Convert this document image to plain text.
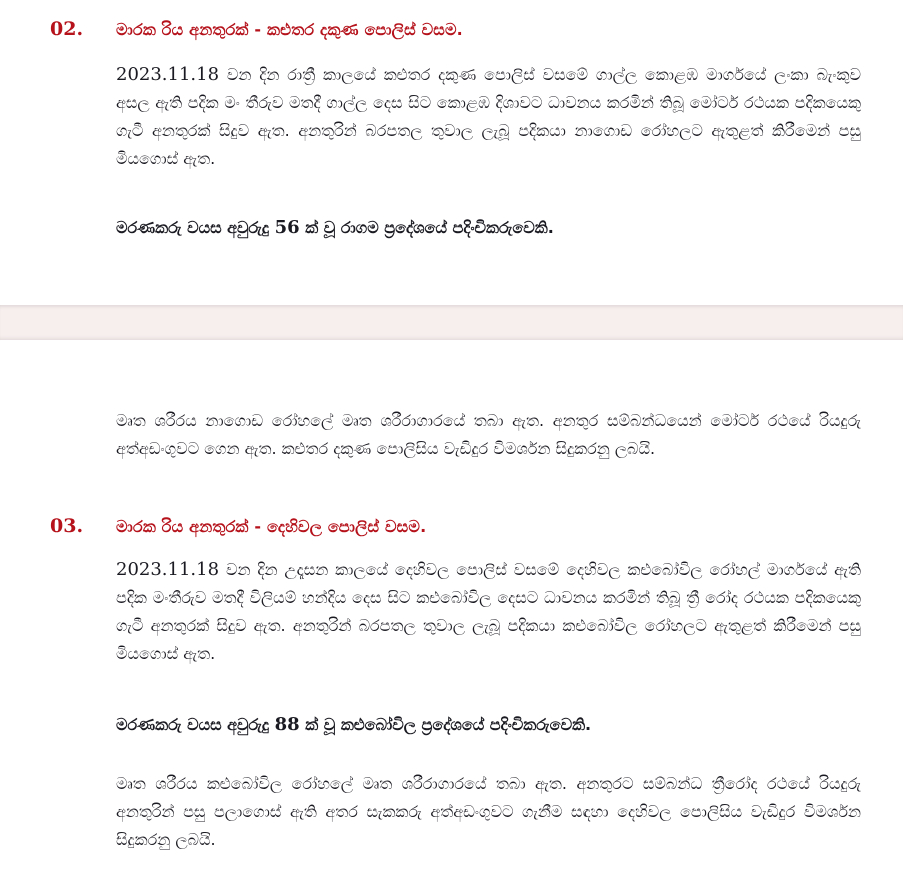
02.	මාරක රිය අනතුරක් - කළුතර දකුණ පොලිස් වසම.

2023.11.18 වන දින රාත්‍රී කාලයේ කළුතර දකුණ පොලිස් වසමේ ගාල්ල කොළඹ මාර්ගයේ ලංකා බැංකුව අසල ඇති පදික මං තීරුව මතදී ගාල්ල දෙස සිට කොළඹ දිශාවට ධාවනය කරමින් තිබූ මෝටර් රථයක පදිකයෙකු ගැටී අනතුරක් සිදුව ඇත. අනතුරින් බරපතල තුවාල ලැබූ පදිකයා නාගොඩ රෝහලට ඇතුළත් කිරීමෙන් පසු මියගොස් ඇත.

මරණකරු වයස අවුරුදු 56 ක් වූ රාගම ප්‍රදේශයේ පදිංචිකරුවෙකි.

මෘත ශරීරය නාගොඩ රෝහලේ මෘත ශරීරාගාරයේ තබා ඇත. අනතුර සම්බන්ධයෙන් මෝටර් රථයේ රියදුරු අත්අඩංගුවට ගෙන ඇත. කළුතර දකුණ පොලිසිය වැඩිදුර විමර්ශන සිදුකරනු ලබයි.

03.	මාරක රිය අනතුරක් - දෙහිවල පොලිස් වසම.

2023.11.18 වන දින උදෑසන කාලයේ දෙහිවල පොලිස් වසමේ දෙහිවල කළුබෝවිල රෝහල් මාර්ගයේ ඇති පදික මංතීරුව මතදී විලියම් හන්දිය දෙස සිට කළුබෝවිල දෙසට ධාවනය කරමින් තිබූ ත්‍රී රෝද රථයක පදිකයෙකු ගැටී අනතුරක් සිදුව ඇත. අනතුරින් බරපතල තුවාල ලැබූ පදිකයා කළුබෝවිල රෝහලට ඇතුළත් කිරීමෙන් පසු මියගොස් ඇත.

මරණකරු වයස අවුරුදු 88 ක් වූ කළුබෝවිල ප්‍රදේශයේ පදිංචිකරුවෙකි.

මෘත ශරීරය කළුබෝවිල රෝහලේ මෘත ශරීරාගාරයේ තබා ඇත. අනතුරට සම්බන්ධ ත්‍රීරෝද රථයේ රියදුරු අනතුරින් පසු පලාගොස් ඇති අතර සැකකරු අත්අඩංගුවට ගැනීම සඳහා දෙහිවල පොලිසිය වැඩිදුර විමර්ශන සිදුකරනු ලබයි.
